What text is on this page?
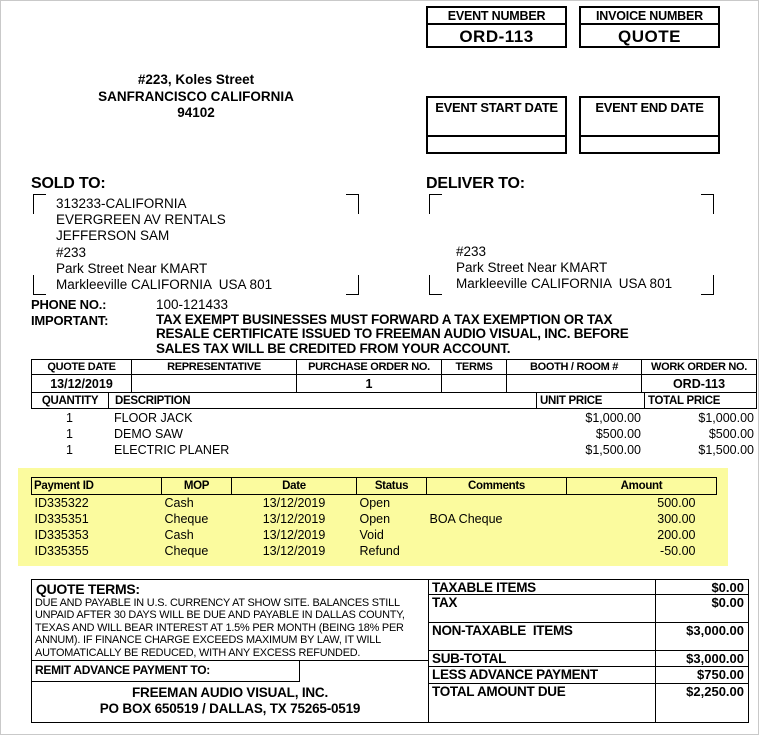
EVENT NUMBER
ORD-113
INVOICE NUMBER
QUOTE
#223, Koles Street
SANFRANCISCO CALIFORNIA
94102	EVENT START DATE	EVENT END DATE
SOLD TO:
313233-CALIFORNIA
EVERGREEN AV RENTALS
JEFFERSON SAM
#233
Park Street Near KMART
Markleeville CALIFORNIA  USA 801
DELIVER TO:
#233
Park Street Near KMART
Markleeville CALIFORNIA  USA 801
PHONE NO.:	100-121433
IMPORTANT:	TAX EXEMPT BUSINESSES MUST FORWARD A TAX EXEMPTION OR TAX RESALE CERTIFICATE ISSUED TO FREEMAN AUDIO VISUAL, INC. BEFORE SALES TAX WILL BE CREDITED FROM YOUR ACCOUNT.
QUOTE DATE	REPRESENTATIVE	PURCHASE ORDER NO.	TERMS	BOOTH / ROOM #	WORK ORDER NO.
13/12/2019		1			ORD-113
QUANTITY	DESCRIPTION	UNIT PRICE	TOTAL PRICE
1	FLOOR JACK	$1,000.00	$1,000.00
1	DEMO SAW	$500.00	$500.00
1	ELECTRIC PLANER	$1,500.00	$1,500.00
Payment ID	MOP	Date	Status	Comments	Amount
ID335322	Cash	13/12/2019	Open		500.00
ID335351	Cheque	13/12/2019	Open	BOA Cheque	300.00
ID335353	Cash	13/12/2019	Void		200.00
ID335355	Cheque	13/12/2019	Refund		-50.00
QUOTE TERMS:
DUE AND PAYABLE IN U.S. CURRENCY AT SHOW SITE. BALANCES STILL UNPAID AFTER 30 DAYS WILL BE DUE AND PAYABLE IN DALLAS COUNTY, TEXAS AND WILL BEAR INTEREST AT 1.5% PER MONTH (BEING 18% PER ANNUM). IF FINANCE CHARGE EXCEEDS MAXIMUM BY LAW, IT WILL AUTOMATICALLY BE REDUCED, WITH ANY EXCESS REFUNDED.
REMIT ADVANCE PAYMENT TO:
FREEMAN AUDIO VISUAL, INC.
PO BOX 650519 / DALLAS, TX 75265-0519
TAXABLE ITEMS	$0.00
TAX	$0.00
NON-TAXABLE  ITEMS	$3,000.00
SUB-TOTAL	$3,000.00
LESS ADVANCE PAYMENT	$750.00
TOTAL AMOUNT DUE	$2,250.00
